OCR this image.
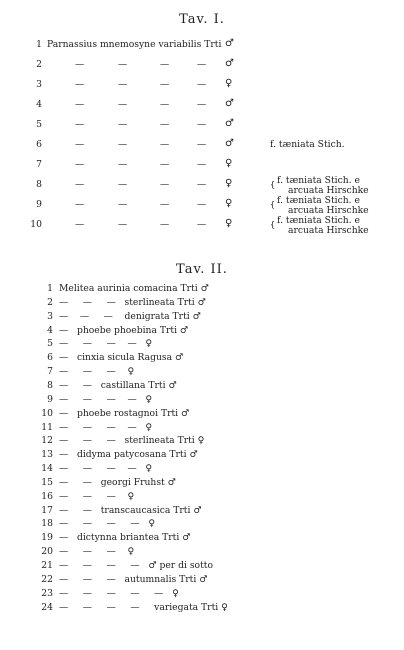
Tav. I.
1 Parnassius mnemosyne variabilis Trti ♂
2	—	—	—	— ♂
3	—	—	—	— ♀
4	—	—	—	— ♂
5	—	—	—	— ♂
6	—	—	—	— ♂	f. tæniata Stich.
7	—	—	—	— ♀
8	—	—	—	— ♀	{ f. tæniata Stich. e
arcuata Hirschke
9	—	—	—	— ♀	{ f. tæniata Stich. e
arcuata Hirschke
10	—	—	—	— ♀	{ f. tæniata Stich. e
arcuata Hirschke
Tav. II.
1 Melitea aurinia comacina Trti ♂
2 —     —     —   sterlineata Trti ♂
3 —    —     —    denigrata Trti ♂
4 —   phoebe phoebina Trti ♂
5 —     —     —    —   ♀
6 —   cinxia sicula Ragusa ♂
7 —     —     —    ♀
8 —     —   castillana Trti ♂
9 —     —     —    —   ♀
10 —   phoebe rostagnoi Trti ♂
11 —     —     —    —   ♀
12 —     —     —   sterlineata Trti ♀
13 —   didyma patycosana Trti ♂
14 —     —     —    —   ♀
15 —     —   georgi Fruhst ♂
16 —     —     —    ♀
17 —     —   transcaucasica Trti ♂
18 —     —     —     —   ♀
19 —   dictynna briantea Trti ♂
20 —     —     —    ♀
21 —     —     —     —   ♂ per di sotto
22 —     —     —   autumnalis Trti ♂
23 —     —     —     —     —   ♀
24 —     —     —     —     variegata Trti ♀
